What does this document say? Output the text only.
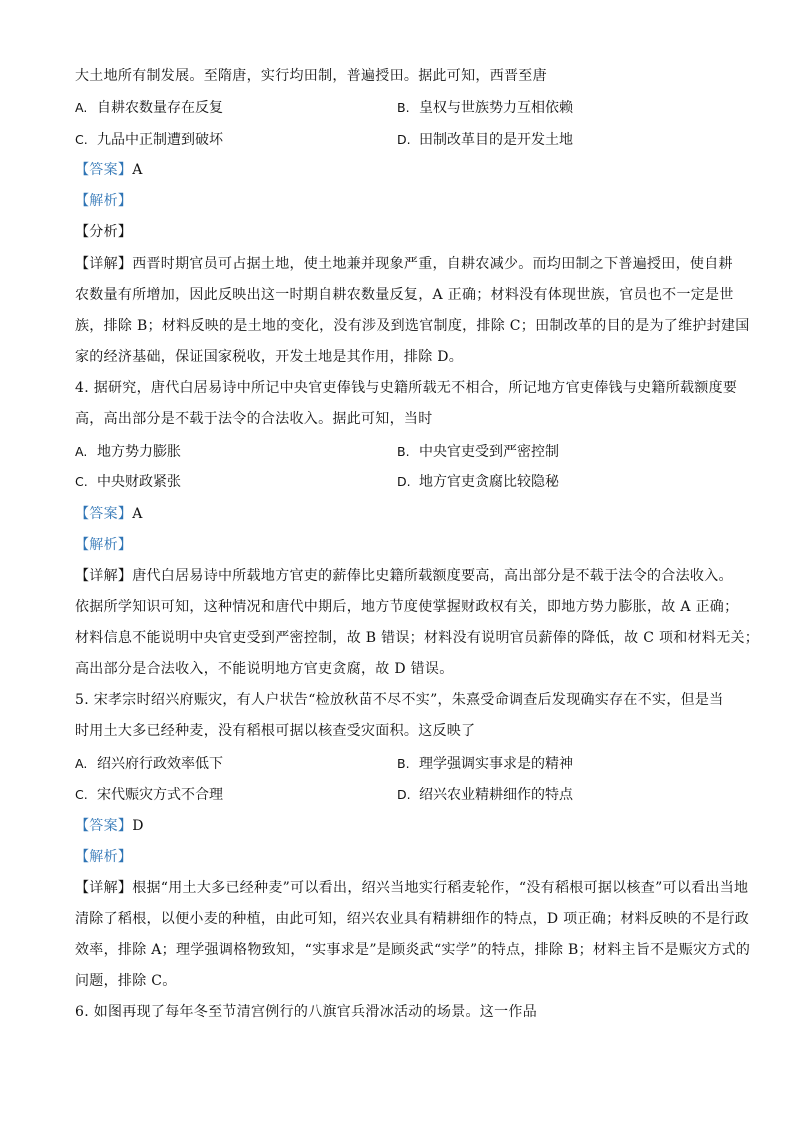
大土地所有制发展。至隋唐，实行均田制，普遍授田。据此可知，西晋至唐
A. 自耕农数量存在反复	B. 皇权与世族势力互相依赖
C. 九品中正制遭到破坏	D. 田制改革目的是开发土地
【答案】A
【解析】
【分析】
【详解】西晋时期官员可占据土地，使土地兼并现象严重，自耕农减少。而均田制之下普遍授田，使自耕
农数量有所增加，因此反映出这一时期自耕农数量反复，A 正确；材料没有体现世族，官员也不一定是世
族，排除 B；材料反映的是土地的变化，没有涉及到选官制度，排除 C；田制改革的目的是为了维护封建国
家的经济基础，保证国家税收，开发土地是其作用，排除 D。
4. 据研究，唐代白居易诗中所记中央官吏俸钱与史籍所载无不相合，所记地方官吏俸钱与史籍所载额度要
高，高出部分是不载于法令的合法收入。据此可知，当时
A. 地方势力膨胀	B. 中央官吏受到严密控制
C. 中央财政紧张	D. 地方官吏贪腐比较隐秘
【答案】A
【解析】
【详解】唐代白居易诗中所载地方官吏的薪俸比史籍所载额度要高，高出部分是不载于法令的合法收入。
依据所学知识可知，这种情况和唐代中期后，地方节度使掌握财政权有关，即地方势力膨胀，故 A 正确；
材料信息不能说明中央官吏受到严密控制，故 B 错误；材料没有说明官员薪俸的降低，故 C 项和材料无关；
高出部分是合法收入，不能说明地方官吏贪腐，故 D 错误。
5. 宋孝宗时绍兴府赈灾，有人户状告“检放秋苗不尽不实”，朱熹受命调查后发现确实存在不实，但是当
时用土大多已经种麦，没有稻根可据以核查受灾面积。这反映了
A. 绍兴府行政效率低下	B. 理学强调实事求是的精神
C. 宋代赈灾方式不合理	D. 绍兴农业精耕细作的特点
【答案】D
【解析】
【详解】根据“用土大多已经种麦”可以看出，绍兴当地实行稻麦轮作，“没有稻根可据以核查”可以看出当地
清除了稻根，以便小麦的种植，由此可知，绍兴农业具有精耕细作的特点，D 项正确；材料反映的不是行政
效率，排除 A；理学强调格物致知，“实事求是”是顾炎武“实学”的特点，排除 B；材料主旨不是赈灾方式的
问题，排除 C。
6. 如图再现了每年冬至节清宫例行的八旗官兵滑冰活动的场景。这一作品
